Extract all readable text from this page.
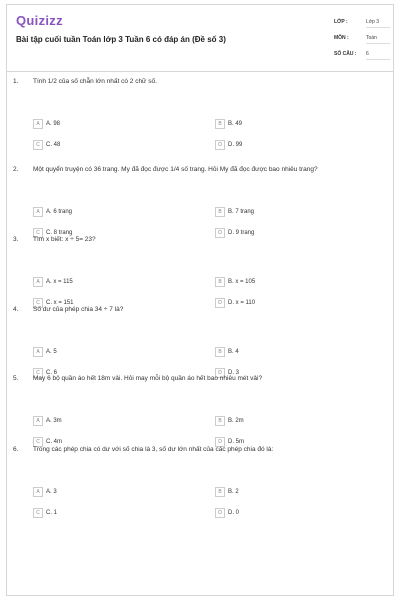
Quizizz
Bài tập cuối tuần Toán lớp 3 Tuần 6 có đáp án (Đề số 3)
LỚP :	Lớp 3
MÔN :	Toán
SỐ CÂU :	6
1. Tính 1/2 của số chẵn lớn nhất có 2 chữ số.
A	A. 98	B	B. 49
C	C. 48	D	D. 99
2. Một quyển truyện có 36 trang. My đã đọc được 1/4 số trang. Hỏi My đã đọc được bao nhiêu trang?
A	A. 6 trang	B	B. 7 trang
C	C. 8 trang	D	D. 9 trang
3. Tìm x biết: x ÷ 5= 23?
A	A. x = 115	B	B. x = 105
C	C. x = 151	D	D. x = 110
4. Số dư của phép chia 34 ÷ 7 là?
A	A. 5	B	B. 4
C	C. 6	D	D. 3
5. May 6 bộ quần áo hết 18m vải. Hỏi may mỗi bộ quần áo hết bao nhiêu mét vải?
A	A. 3m	B	B. 2m
C	C. 4m	D	D. 5m
6. Trong các phép chia có dư với số chia là 3, số dư lớn nhất của các phép chia đó là:
A	A. 3	B	B. 2
C	C. 1	D	D. 0
